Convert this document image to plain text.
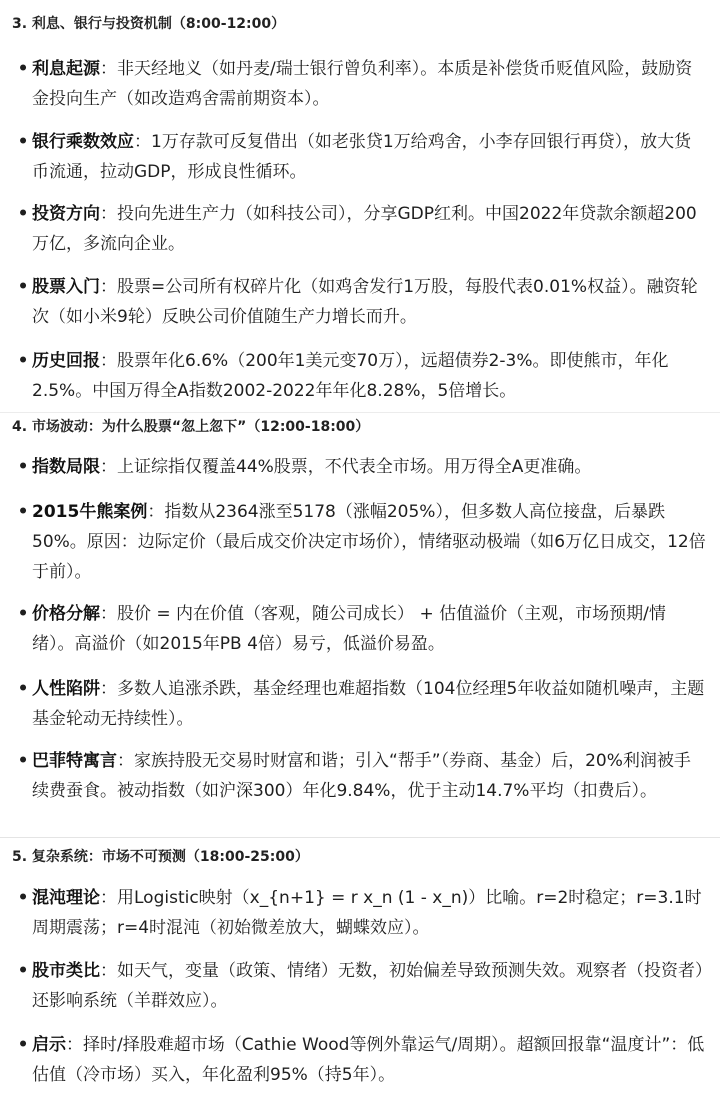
3. 利息、银行与投资机制（8:00-12:00）
• 利息起源：非天经地义（如丹麦/瑞士银行曾负利率）。本质是补偿货币贬值风险，鼓励资金投向生产（如改造鸡舍需前期资本）。
• 银行乘数效应：1万存款可反复借出（如老张贷1万给鸡舍，小李存回银行再贷），放大货币流通，拉动GDP，形成良性循环。
• 投资方向：投向先进生产力（如科技公司），分享GDP红利。中国2022年贷款余额超200万亿，多流向企业。
• 股票入门：股票=公司所有权碎片化（如鸡舍发行1万股，每股代表0.01%权益）。融资轮次（如小米9轮）反映公司价值随生产力增长而升。
• 历史回报：股票年化6.6%（200年1美元变70万），远超债券2-3%。即使熊市，年化2.5%。中国万得全A指数2002-2022年年化8.28%，5倍增长。
4. 市场波动：为什么股票“忽上忽下”（12:00-18:00）
• 指数局限：上证综指仅覆盖44%股票，不代表全市场。用万得全A更准确。
• 2015牛熊案例：指数从2364涨至5178（涨幅205%），但多数人高位接盘，后暴跌50%。原因：边际定价（最后成交价决定市场价），情绪驱动极端（如6万亿日成交，12倍于前）。
• 价格分解：股价 = 内在价值（客观，随公司成长） + 估值溢价（主观，市场预期/情绪）。高溢价（如2015年PB 4倍）易亏，低溢价易盈。
• 人性陷阱：多数人追涨杀跌，基金经理也难超指数（104位经理5年收益如随机噪声，主题基金轮动无持续性）。
• 巴菲特寓言：家族持股无交易时财富和谐；引入“帮手”（券商、基金）后，20%利润被手续费蚕食。被动指数（如沪深300）年化9.84%，优于主动14.7%平均（扣费后）。
5. 复杂系统：市场不可预测（18:00-25:00）
• 混沌理论：用Logistic映射（x_{n+1} = r x_n (1 - x_n)）比喻。r=2时稳定；r=3.1时周期震荡；r=4时混沌（初始微差放大，蝴蝶效应）。
• 股市类比：如天气，变量（政策、情绪）无数，初始偏差导致预测失效。观察者（投资者）还影响系统（羊群效应）。
• 启示：择时/择股难超市场（Cathie Wood等例外靠运气/周期）。超额回报靠“温度计”：低估值（冷市场）买入，年化盈利95%（持5年）。
